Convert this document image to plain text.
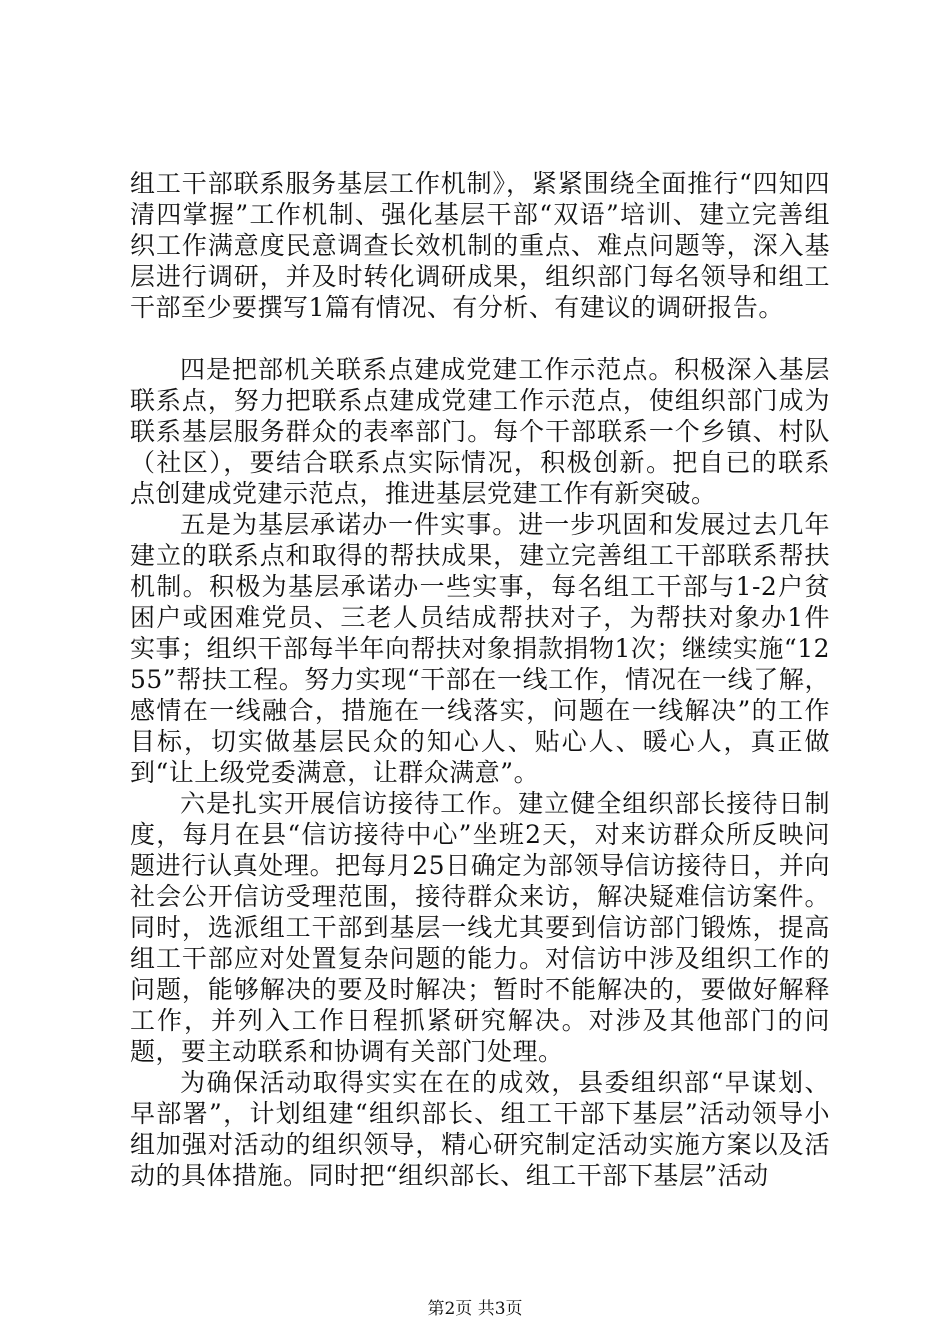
组工干部联系服务基层工作机制》，紧紧围绕全面推行“四知四清四掌握”工作机制、强化基层干部“双语”培训、建立完善组织工作满意度民意调查长效机制的重点、难点问题等，深入基层进行调研，并及时转化调研成果，组织部门每名领导和组工干部至少要撰写1篇有情况、有分析、有建议的调研报告。

四是把部机关联系点建成党建工作示范点。积极深入基层联系点，努力把联系点建成党建工作示范点，使组织部门成为联系基层服务群众的表率部门。每个干部联系一个乡镇、村队（社区），要结合联系点实际情况，积极创新。把自已的联系点创建成党建示范点，推进基层党建工作有新突破。

五是为基层承诺办一件实事。进一步巩固和发展过去几年建立的联系点和取得的帮扶成果，建立完善组工干部联系帮扶机制。积极为基层承诺办一些实事，每名组工干部与1-2户贫困户或困难党员、三老人员结成帮扶对子，为帮扶对象办1件实事；组织干部每半年向帮扶对象捐款捐物1次；继续实施“1255”帮扶工程。努力实现“干部在一线工作，情况在一线了解，感情在一线融合，措施在一线落实，问题在一线解决”的工作目标，切实做基层民众的知心人、贴心人、暖心人，真正做到“让上级党委满意，让群众满意”。

六是扎实开展信访接待工作。建立健全组织部长接待日制度，每月在县“信访接待中心”坐班2天，对来访群众所反映问题进行认真处理。把每月25日确定为部领导信访接待日，并向社会公开信访受理范围，接待群众来访，解决疑难信访案件。同时，选派组工干部到基层一线尤其要到信访部门锻炼，提高组工干部应对处置复杂问题的能力。对信访中涉及组织工作的问题，能够解决的要及时解决；暂时不能解决的，要做好解释工作，并列入工作日程抓紧研究解决。对涉及其他部门的问题，要主动联系和协调有关部门处理。

为确保活动取得实实在在的成效，县委组织部“早谋划、早部署”，计划组建“组织部长、组工干部下基层”活动领导小组加强对活动的组织领导，精心研究制定活动实施方案以及活动的具体措施。同时把“组织部长、组工干部下基层”活动

第2页 共3页
